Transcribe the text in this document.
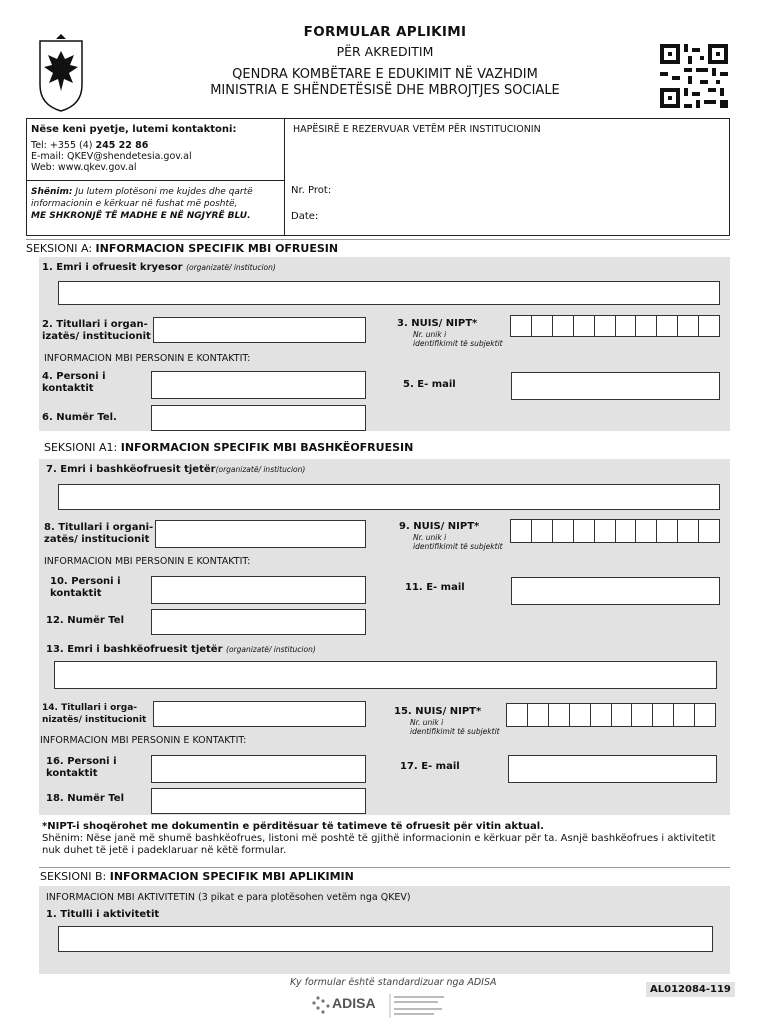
FORMULAR APLIKIMI
PËR AKREDITIM
QENDRA KOMBËTARE E EDUKIMIT NË VAZHDIM
MINISTRIA E SHËNDETËSISË DHE MBROJTJES SOCIALE
Nëse keni pyetje, lutemi kontaktoni:
Tel: +355 (4) 245 22 86
E-mail: QKEV@shendetesia.gov.al
Web: www.qkev.gov.al
Shënim: Ju lutem plotësoni me kujdes dhe qartë informacionin e kërkuar në fushat më poshtë,
ME SHKRONJË TË MADHE E NË NGJYRË BLU.
HAPËSIRË E REZERVUAR VETËM PËR INSTITUCIONIN
Nr. Prot:
Date:
SEKSIONI A: INFORMACION SPECIFIK MBI OFRUESIN
1. Emri i ofruesit kryesor (organizatë/ institucion)
2. Titullari i organ-
izatës/ institucionit
3. NUIS/ NIPT*
Nr. unik i
identifikimit të subjektit
INFORMACION MBI PERSONIN E KONTAKTIT:
4. Personi i
kontaktit	5. E- mail
6. Numër Tel.
SEKSIONI A1: INFORMACION SPECIFIK MBI BASHKËOFRUESIN
7. Emri i bashkëofruesit tjetër(organizatë/ institucion)
8. Titullari i organi-
zatës/ institucionit
9. NUIS/ NIPT*
Nr. unik i
identifikimit të subjektit
INFORMACION MBI PERSONIN E KONTAKTIT:
10. Personi i
kontaktit
11. E- mail
12. Numër Tel
13. Emri i bashkëofruesit tjetër (organizatë/ institucion)
14. Titullari i orga-
nizatës/ institucionit
15. NUIS/ NIPT*
Nr. unik i
identifikimit të subjektit
INFORMACION MBI PERSONIN E KONTAKTIT:
16. Personi i
kontaktit
17. E- mail
18. Numër Tel
*NIPT-i shoqërohet me dokumentin e përditësuar të tatimeve të ofruesit për vitin aktual.
Shënim: Nëse janë më shumë bashkëofrues, listoni më poshtë të gjithë informacionin e kërkuar për ta. Asnjë bashkëofrues i aktivitetit nuk duhet të jetë i padeklaruar në këtë formular.
SEKSIONI B: INFORMACION SPECIFIK MBI APLIKIMIN
INFORMACION MBI AKTIVITETIN (3 pikat e para plotësohen vetëm nga QKEV)
1. Titulli i aktivitetit
Ky formular është standardizuar nga ADISA
ADISA
AL012084-119
